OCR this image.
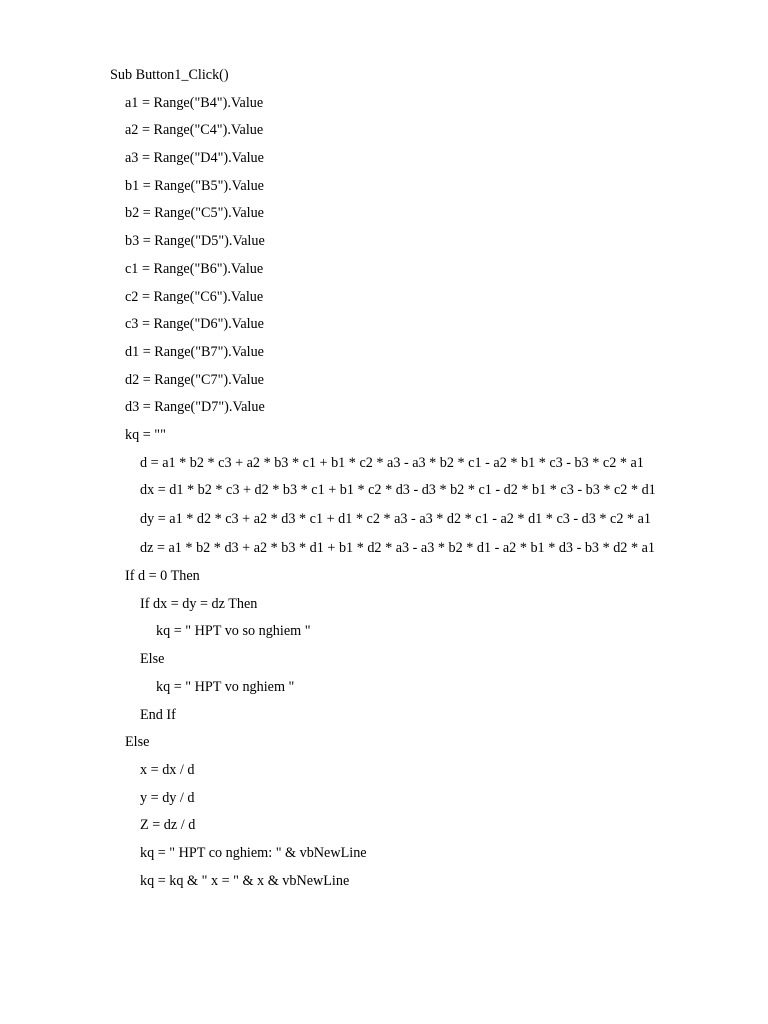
Sub Button1_Click()
a1 = Range("B4").Value
a2 = Range("C4").Value
a3 = Range("D4").Value
b1 = Range("B5").Value
b2 = Range("C5").Value
b3 = Range("D5").Value
c1 = Range("B6").Value
c2 = Range("C6").Value
c3 = Range("D6").Value
d1 = Range("B7").Value
d2 = Range("C7").Value
d3 = Range("D7").Value
kq = ""
d = a1 * b2 * c3 + a2 * b3 * c1 + b1 * c2 * a3 - a3 * b2 * c1 - a2 * b1 * c3 - b3 * c2 * a1
dx = d1 * b2 * c3 + d2 * b3 * c1 + b1 * c2 * d3 - d3 * b2 * c1 - d2 * b1 * c3 - b3 * c2 * d1
dy = a1 * d2 * c3 + a2 * d3 * c1 + d1 * c2 * a3 - a3 * d2 * c1 - a2 * d1 * c3 - d3 * c2 * a1
dz = a1 * b2 * d3 + a2 * b3 * d1 + b1 * d2 * a3 - a3 * b2 * d1 - a2 * b1 * d3 - b3 * d2 * a1
If d = 0 Then
If dx = dy = dz Then
kq = " HPT vo so nghiem "
Else
kq = " HPT vo nghiem "
End If
Else
x = dx / d
y = dy / d
Z = dz / d
kq = " HPT co nghiem: " & vbNewLine
kq = kq & " x = " & x & vbNewLine
